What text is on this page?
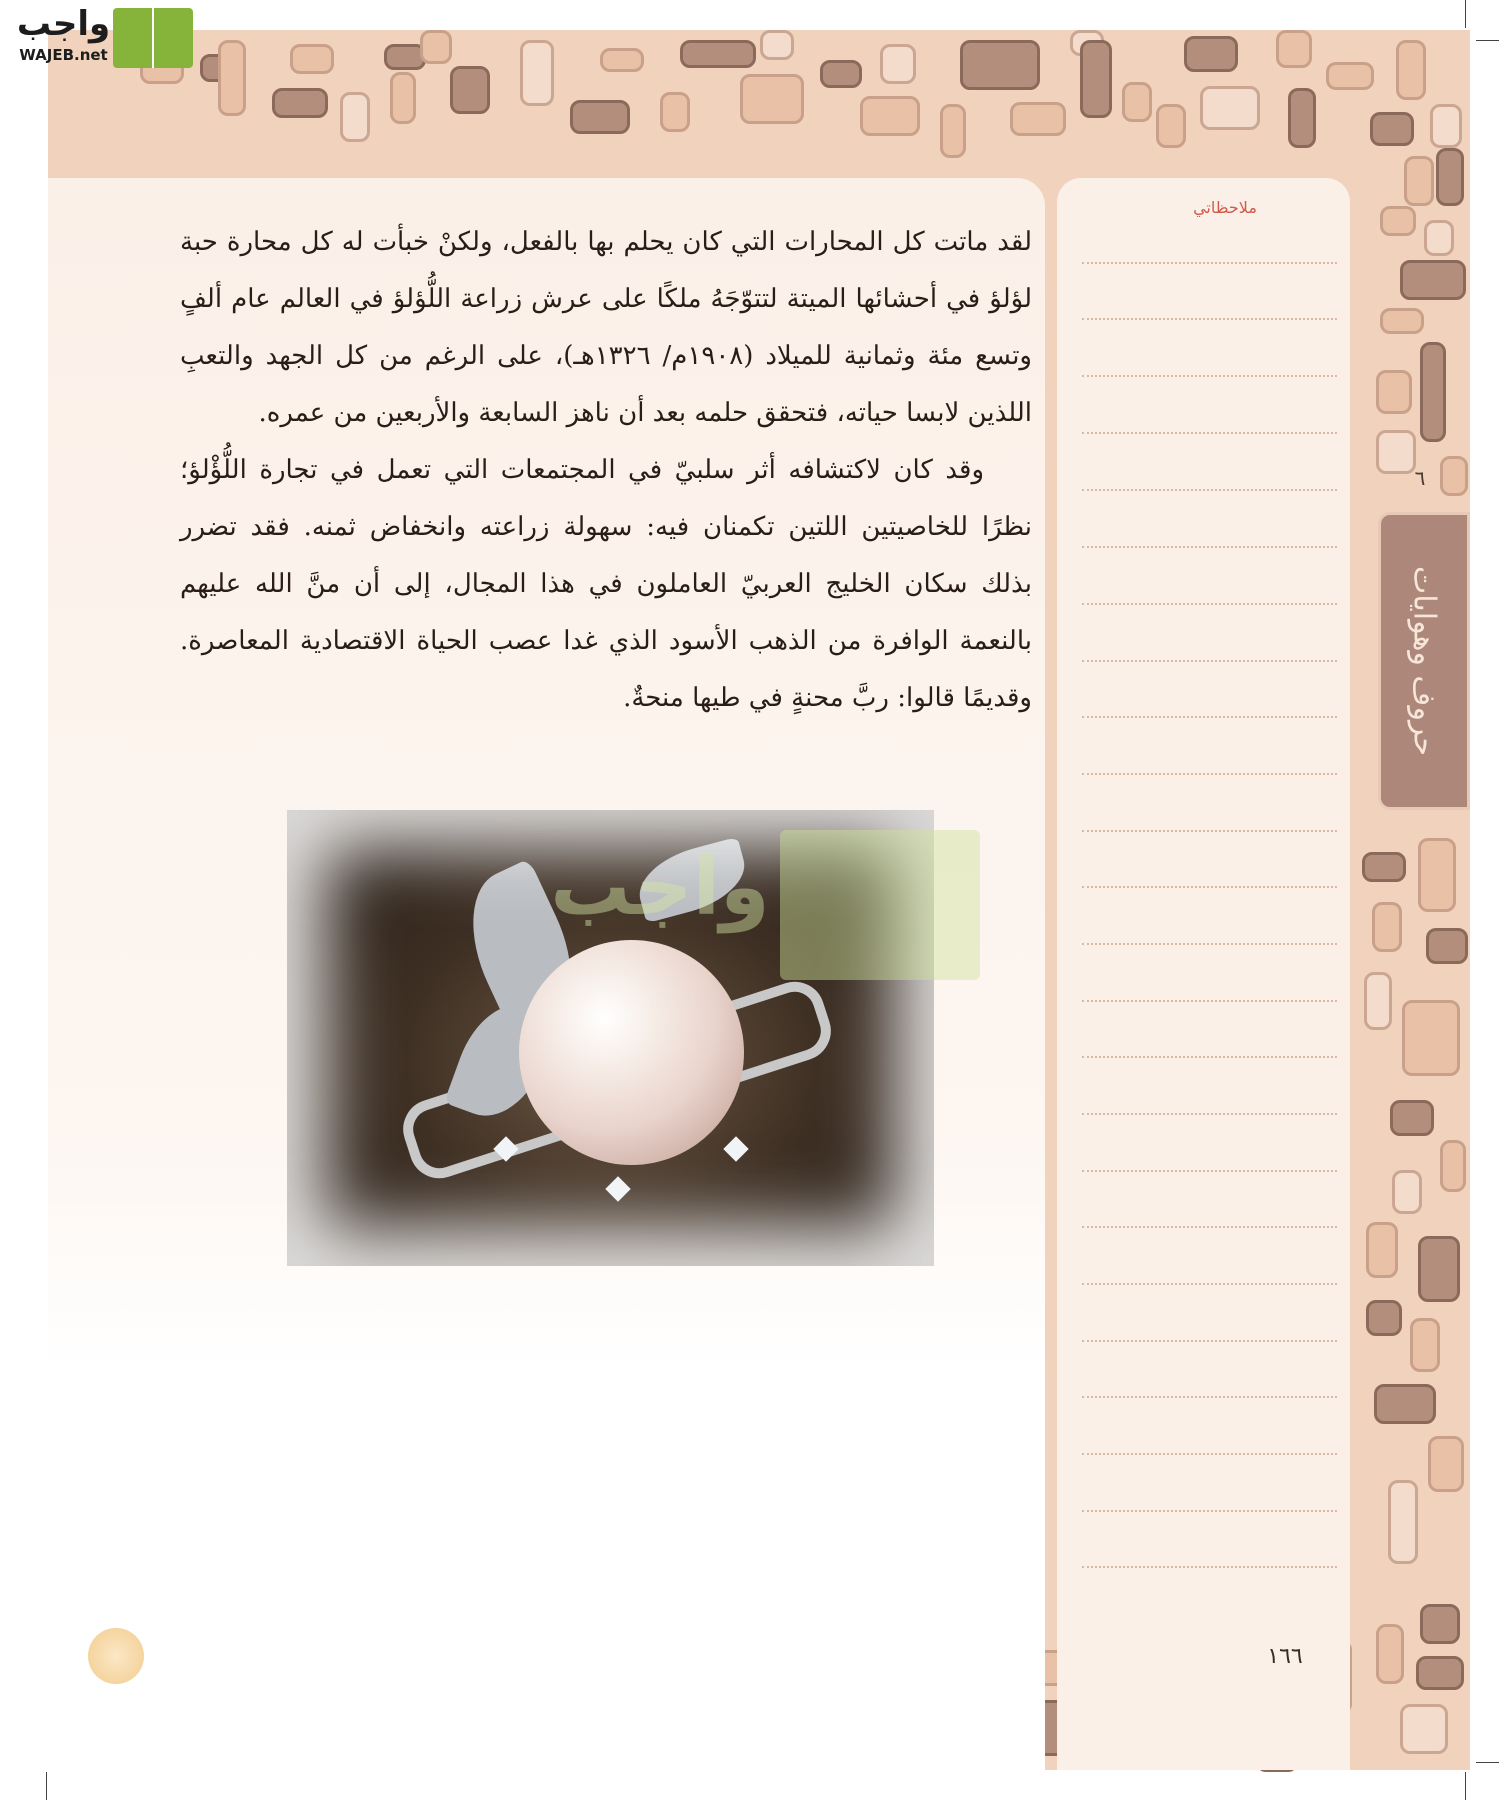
ملاحظاتي
٦
حروف وهوايات

لقد ماتت كل المحارات التي كان يحلم بها بالفعل، ولكنْ خبأت له كل محارة حبة لؤلؤ في أحشائها الميتة لتتوّجَهُ ملكًا على عرش زراعة اللُّؤلؤ في العالم عام ألفٍ وتسع مئة وثمانية للميلاد (١٩٠٨م/ ١٣٢٦هـ)، على الرغم من كل الجهد والتعبِ اللذين لابسا حياته، فتحقق حلمه بعد أن ناهز السابعة والأربعين من عمره.

وقد كان لاكتشافه أثر سلبيّ في المجتمعات التي تعمل في تجارة اللُّؤْلؤ؛ نظرًا للخاصيتين اللتين تكمنان فيه: سهولة زراعته وانخفاض ثمنه. فقد تضرر بذلك سكان الخليج العربيّ العاملون في هذا المجال، إلى أن منَّ الله عليهم بالنعمة الوافرة من الذهب الأسود الذي غدا عصب الحياة الاقتصادية المعاصرة. وقديمًا قالوا: ربَّ محنةٍ في طيها منحةٌ.

واجب
واجب
WAJEB.net
١٦٦
